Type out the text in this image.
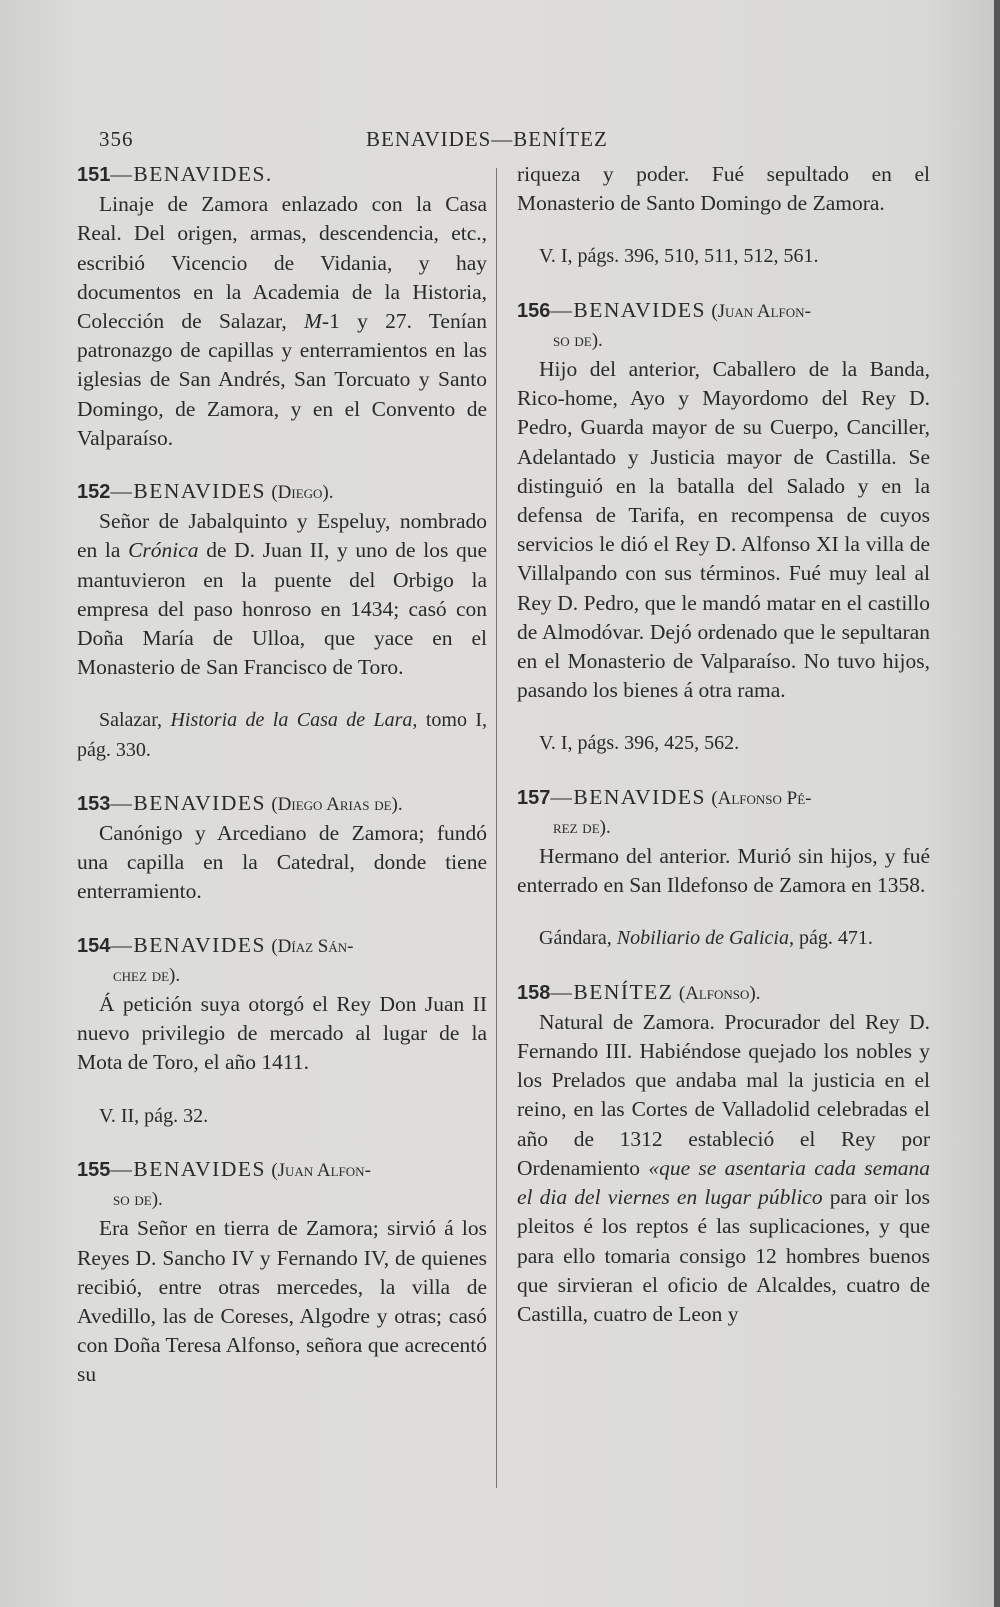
356	BENAVIDES—BENÍTEZ
151—BENAVIDES.

Linaje de Zamora enlazado con la Casa Real. Del origen, armas, descendencia, etc., escribió Vicencio de Vidania, y hay documentos en la Academia de la Historia, Colección de Salazar, M-1 y 27. Tenían patronazgo de capillas y enterramientos en las iglesias de San Andrés, San Torcuato y Santo Domingo, de Zamora, y en el Convento de Valparaíso.

152—BENAVIDES (Diego).

Señor de Jabalquinto y Espeluy, nombrado en la Crónica de D. Juan II, y uno de los que mantuvieron en la puente del Orbigo la empresa del paso honroso en 1434; casó con Doña María de Ulloa, que yace en el Monasterio de San Francisco de Toro.

Salazar, Historia de la Casa de Lara, tomo I, pág. 330.

153—BENAVIDES (Diego Arias de).

Canónigo y Arcediano de Zamora; fundó una capilla en la Catedral, donde tiene enterramiento.

154—BENAVIDES (Díaz Sán-
chez de).

Á petición suya otorgó el Rey Don Juan II nuevo privilegio de mercado al lugar de la Mota de Toro, el año 1411.

V. II, pág. 32.

155—BENAVIDES (Juan Alfon-
so de).

Era Señor en tierra de Zamora; sirvió á los Reyes D. Sancho IV y Fernando IV, de quienes recibió, entre otras mercedes, la villa de Avedillo, las de Coreses, Algodre y otras; casó con Doña Teresa Alfonso, señora que acrecentó su

riqueza y poder. Fué sepultado en el Monasterio de Santo Domingo de Zamora.

V. I, págs. 396, 510, 511, 512, 561.

156—BENAVIDES (Juan Alfon-
so de).

Hijo del anterior, Caballero de la Banda, Rico-home, Ayo y Mayordomo del Rey D. Pedro, Guarda mayor de su Cuerpo, Canciller, Adelantado y Justicia mayor de Castilla. Se distinguió en la batalla del Salado y en la defensa de Tarifa, en recompensa de cuyos servicios le dió el Rey D. Alfonso XI la villa de Villalpando con sus términos. Fué muy leal al Rey D. Pedro, que le mandó matar en el castillo de Almodóvar. Dejó ordenado que le sepultaran en el Monasterio de Valparaíso. No tuvo hijos, pasando los bienes á otra rama.

V. I, págs. 396, 425, 562.

157—BENAVIDES (Alfonso Pé-
rez de).

Hermano del anterior. Murió sin hijos, y fué enterrado en San Ildefonso de Zamora en 1358.

Gándara, Nobiliario de Galicia, pág. 471.

158—BENÍTEZ (Alfonso).

Natural de Zamora. Procurador del Rey D. Fernando III. Habiéndose quejado los nobles y los Prelados que andaba mal la justicia en el reino, en las Cortes de Valladolid celebradas el año de 1312 estableció el Rey por Ordenamiento «que se asentaria cada semana el dia del viernes en lugar público para oir los pleitos é los reptos é las suplicaciones, y que para ello tomaria consigo 12 hombres buenos que sirvieran el oficio de Alcaldes, cuatro de Castilla, cuatro de Leon y
